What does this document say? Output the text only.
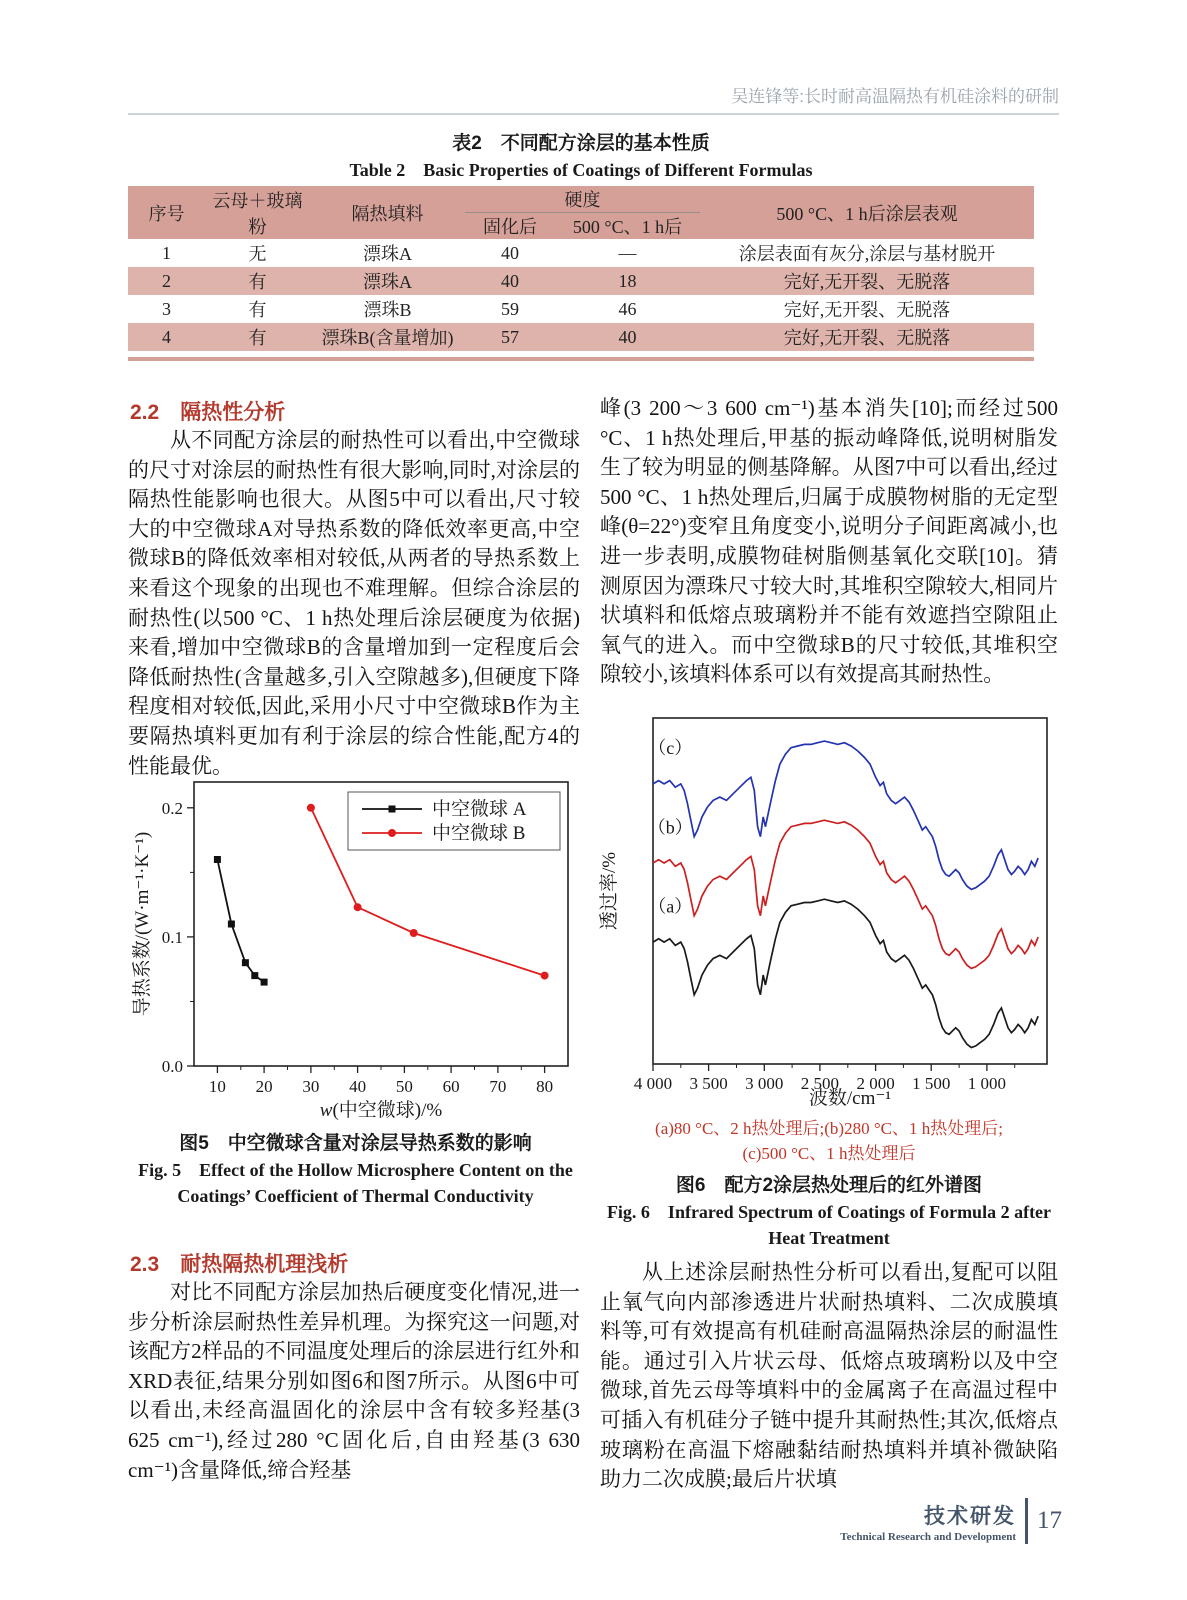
吴连锋等:长时耐高温隔热有机硅涂料的研制
表2　不同配方涂层的基本性质
Table 2　Basic Properties of Coatings of Different Formulas
序号	云母＋玻璃粉	隔热填料	硬度		500 °C、1 h后涂层表观
			固化后	500 °C、1 h后	
1	无	漂珠A	40	—	涂层表面有灰分,涂层与基材脱开
2	有	漂珠A	40	18	完好,无开裂、无脱落
3	有	漂珠B	59	46	完好,无开裂、无脱落
4	有	漂珠B(含量增加)	57	40	完好,无开裂、无脱落
2.2　隔热性分析
从不同配方涂层的耐热性可以看出,中空微球的尺寸对涂层的耐热性有很大影响,同时,对涂层的隔热性能影响也很大。从图5中可以看出,尺寸较大的中空微球A对导热系数的降低效率更高,中空微球B的降低效率相对较低,从两者的导热系数上来看这个现象的出现也不难理解。但综合涂层的耐热性(以500 °C、1 h热处理后涂层硬度为依据)来看,增加中空微球B的含量增加到一定程度后会降低耐热性(含量越多,引入空隙越多),但硬度下降程度相对较低,因此,采用小尺寸中空微球B作为主要隔热填料更加有利于涂层的综合性能,配方4的性能最优。
10 20 30 40 50 60 70 80
0.0
0.1
0.2	中空微球 A
中空微球 B
导热系数/(W·m⁻¹·K⁻¹)
w(中空微球)/%
图5　中空微球含量对涂层导热系数的影响
Fig. 5　Effect of the Hollow Microsphere Content on the Coatings’ Coefficient of Thermal Conductivity
2.3　耐热隔热机理浅析
对比不同配方涂层加热后硬度变化情况,进一步分析涂层耐热性差异机理。为探究这一问题,对该配方2样品的不同温度处理后的涂层进行红外和XRD表征,结果分别如图6和图7所示。从图6中可以看出,未经高温固化的涂层中含有较多羟基(3 625 cm⁻¹),经过280 °C固化后,自由羟基(3 630 cm⁻¹)含量降低,缔合羟基
峰(3 200～3 600 cm⁻¹)基本消失[10];而经过500 °C、1 h热处理后,甲基的振动峰降低,说明树脂发生了较为明显的侧基降解。从图7中可以看出,经过500 °C、1 h热处理后,归属于成膜物树脂的无定型峰(θ=22°)变窄且角度变小,说明分子间距离减小,也进一步表明,成膜物硅树脂侧基氧化交联[10]。猜测原因为漂珠尺寸较大时,其堆积空隙较大,相同片状填料和低熔点玻璃粉并不能有效遮挡空隙阻止氧气的进入。而中空微球B的尺寸较低,其堆积空隙较小,该填料体系可以有效提高其耐热性。
4 000 3 500 3 000 2 500 2 000 1 500 1 000
（a）
（b）
（c）
透过率/%
波数/cm⁻¹
(a)80 °C、2 h热处理后;(b)280 °C、1 h热处理后;
(c)500 °C、1 h热处理后
图6　配方2涂层热处理后的红外谱图
Fig. 6　Infrared Spectrum of Coatings of Formula 2 after Heat Treatment
从上述涂层耐热性分析可以看出,复配可以阻止氧气向内部渗透进片状耐热填料、二次成膜填料等,可有效提高有机硅耐高温隔热涂层的耐温性能。通过引入片状云母、低熔点玻璃粉以及中空微球,首先云母等填料中的金属离子在高温过程中可插入有机硅分子链中提升其耐热性;其次,低熔点玻璃粉在高温下熔融黏结耐热填料并填补微缺陷助力二次成膜;最后片状填
技术研发
Technical Research and Development
17
